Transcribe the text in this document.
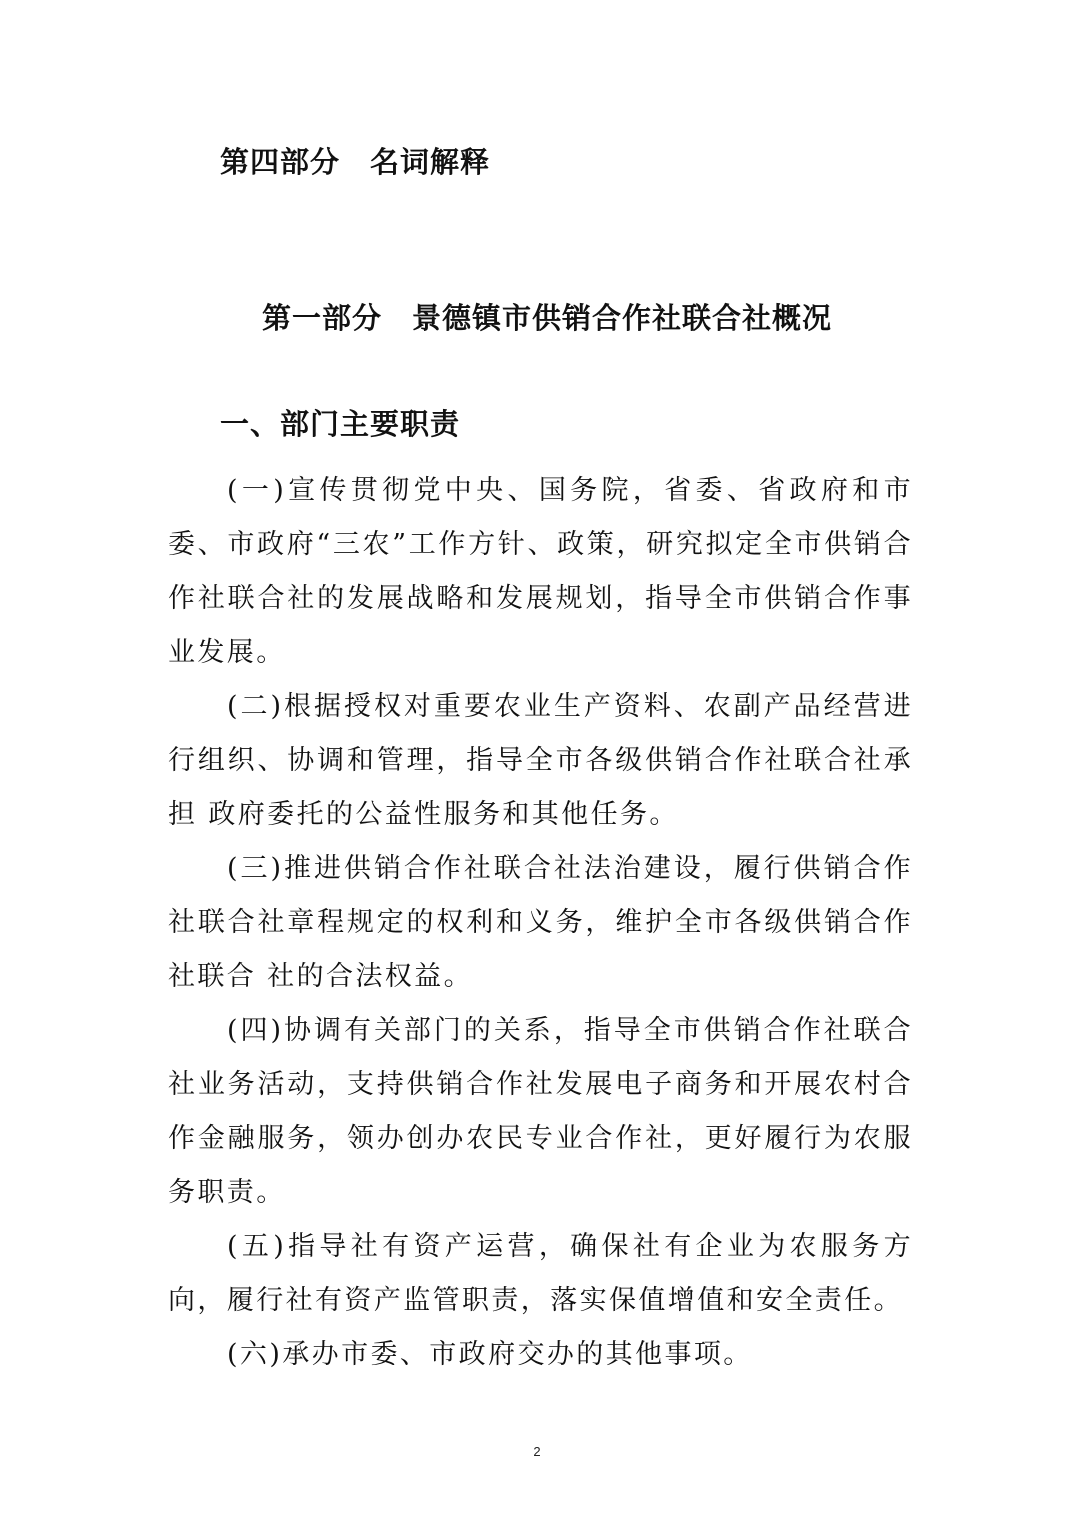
第四部分　名词解释
第一部分　景德镇市供销合作社联合社概况
一、部门主要职责

(一)宣传贯彻党中央、国务院，省委、省政府和市委、市政府“三农”工作方针、政策，研究拟定全市供销合作社联合社的发展战略和发展规划，指导全市供销合作事业发展。

(二)根据授权对重要农业生产资料、农副产品经营进行组织、协调和管理，指导全市各级供销合作社联合社承担 政府委托的公益性服务和其他任务。

(三)推进供销合作社联合社法治建设，履行供销合作社联合社章程规定的权利和义务，维护全市各级供销合作社联合 社的合法权益。

(四)协调有关部门的关系，指导全市供销合作社联合社业务活动，支持供销合作社发展电子商务和开展农村合作金融服务，领办创办农民专业合作社，更好履行为农服务职责。

(五)指导社有资产运营，确保社有企业为农服务方向，履行社有资产监管职责，落实保值增值和安全责任。

(六)承办市委、市政府交办的其他事项。

2
